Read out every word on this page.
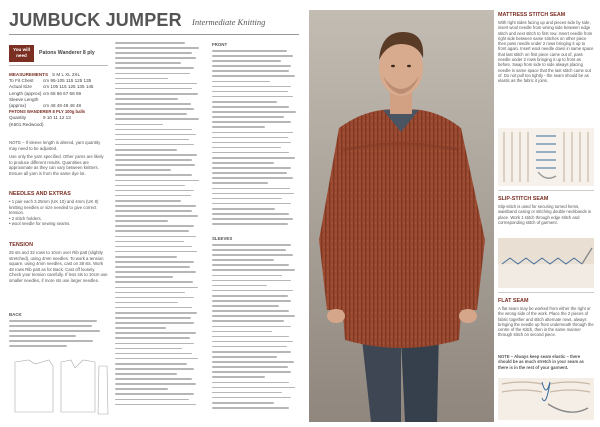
JUMBUCK JUMPER Intermediate Knitting
You will need	Patons Wanderer 8 ply
MEASUREMENTS S M L XL 2XL
To Fit Chest	cm 95-105 115 125 135
Actual Size	cm 105 115 125 135 145
Length (approx) cm 65 66 67 68 69
Sleeve Length
(approx)	cm 48 48 48 48 48
PATONS WANDERER 8 PLY 100g balls
Quantity	9 10 11 12 13
(K601 Redwood)
NOTE – If sleeve length is altered, yarn quantity may need to be adjusted.
Use only the yarn specified. Other yarns are likely to produce different results. Quantities are approximate as they can vary between knitters. Ensure all yarn is from the same dye lot.
NEEDLES AND EXTRAS
• 1 pair each 3.25mm (UK 10) and 4mm (UK 8) knitting needles or size needed to give correct tension.
• 2 stitch holders.
• wool needle for sewing seams.
TENSION
25 sts and 32 rows to 10cm over Rib patt (slightly stretched), using 4mm needles. To work a tension square, using 4mm needles, cast on 38 sts. Work 48 rows Rib patt as for Back. Cast off loosely. Check your tension carefully. If less sts to 10cm use smaller needles, if more sts use larger needles.
BACK
FRONT
SLEEVES
MATTRESS STITCH SEAM
With right sides facing up and pieces side by side, insert wool needle from wrong side between edge stitch and next stitch to first row. Insert needle from right side between same stitches on other piece then pass needle under 2 rows bringing it up to front again. Insert wool needle down in same space that last stitch on first piece came out of, pass needle under 2 rows bringing it up to front as before. Swap from side to side always placing needle in same space that the last stitch came out of. Do not pull too tightly - the seam should be as elastic as the fabric it joins.
SLIP-STITCH SEAM
Slip-stitch is used for securing turned hems, waistband casing or stitching double neckbands in place. Work 1 stitch through edge stitch and corresponding stitch of garment.
FLAT SEAM
A flat seam may be worked from either the right or the wrong side of the work. Place the 2 pieces of fabric together and stitch alternate rows, always bringing the needle up from underneath through the centre of the stitch, then in the same manner through stitch on second piece.
NOTE – Always keep seam elastic – there should be as much stretch in your seam as there is in the rest of your garment.
